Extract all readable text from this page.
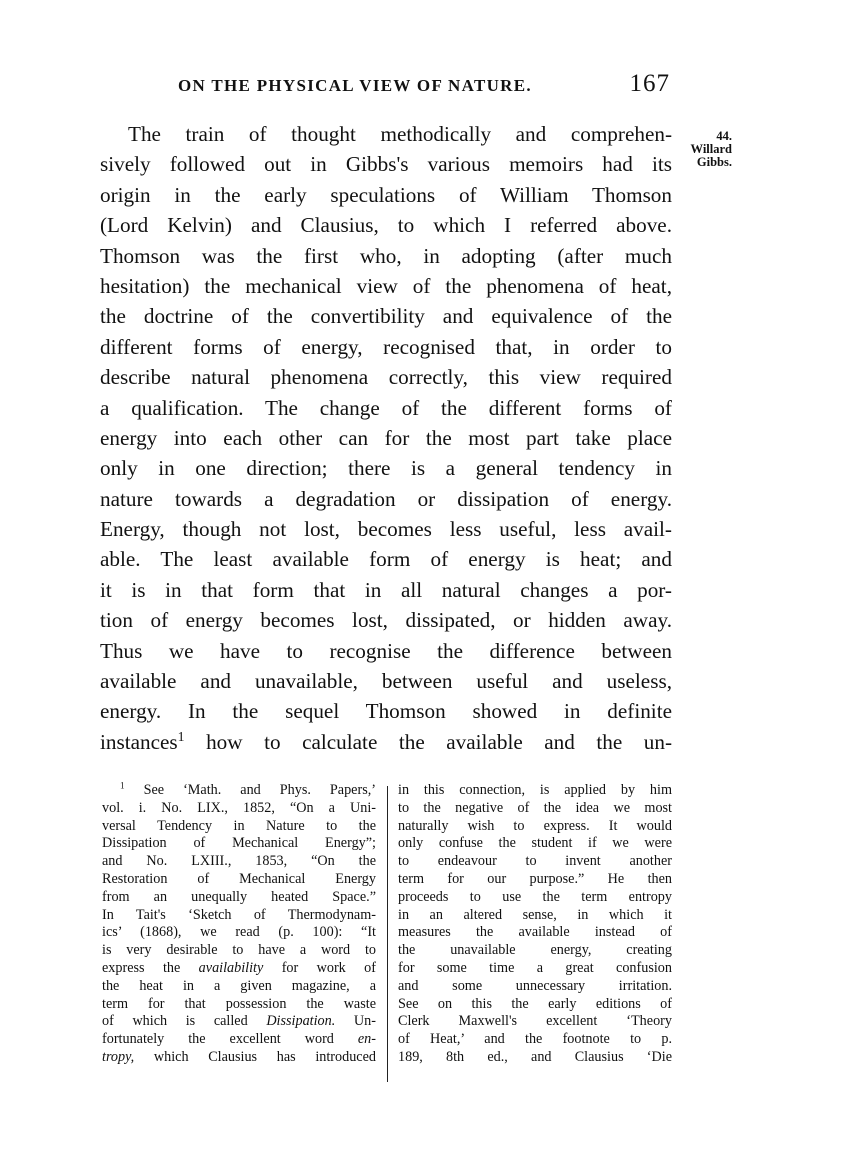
ON THE PHYSICAL VIEW OF NATURE.	167
44.
Willard
Gibbs.
The train of thought methodically and comprehen-
sively followed out in Gibbs's various memoirs had its
origin in the early speculations of William Thomson
(Lord Kelvin) and Clausius, to which I referred above.
Thomson was the first who, in adopting (after much
hesitation) the mechanical view of the phenomena of heat,
the doctrine of the convertibility and equivalence of the
different forms of energy, recognised that, in order to
describe natural phenomena correctly, this view required
a qualification. The change of the different forms of
energy into each other can for the most part take place
only in one direction; there is a general tendency in
nature towards a degradation or dissipation of energy.
Energy, though not lost, becomes less useful, less avail-
able. The least available form of energy is heat; and
it is in that form that in all natural changes a por-
tion of energy becomes lost, dissipated, or hidden away.
Thus we have to recognise the difference between
available and unavailable, between useful and useless,
energy. In the sequel Thomson showed in definite
instances$^1$ how to calculate the available and the un-
$^1$ See ‘Math. and Phys. Papers,’
vol. i. No. LIX., 1852, “On a Uni-
versal Tendency in Nature to the
Dissipation of Mechanical Energy”;
and No. LXIII., 1853, “On the
Restoration of Mechanical Energy
from an unequally heated Space.”
In Tait's ‘Sketch of Thermodynam-
ics’ (1868), we read (p. 100): “It
is very desirable to have a word to
express the availability for work of
the heat in a given magazine, a
term for that possession the waste
of which is called Dissipation. Un-
fortunately the excellent word en-
tropy, which Clausius has introduced
in this connection, is applied by him
to the negative of the idea we most
naturally wish to express. It would
only confuse the student if we were
to endeavour to invent another
term for our purpose.” He then
proceeds to use the term entropy
in an altered sense, in which it
measures the available instead of
the unavailable energy, creating
for some time a great confusion
and some unnecessary irritation.
See on this the early editions of
Clerk Maxwell's excellent ‘Theory
of Heat,’ and the footnote to p.
189, 8th ed., and Clausius ‘Die
